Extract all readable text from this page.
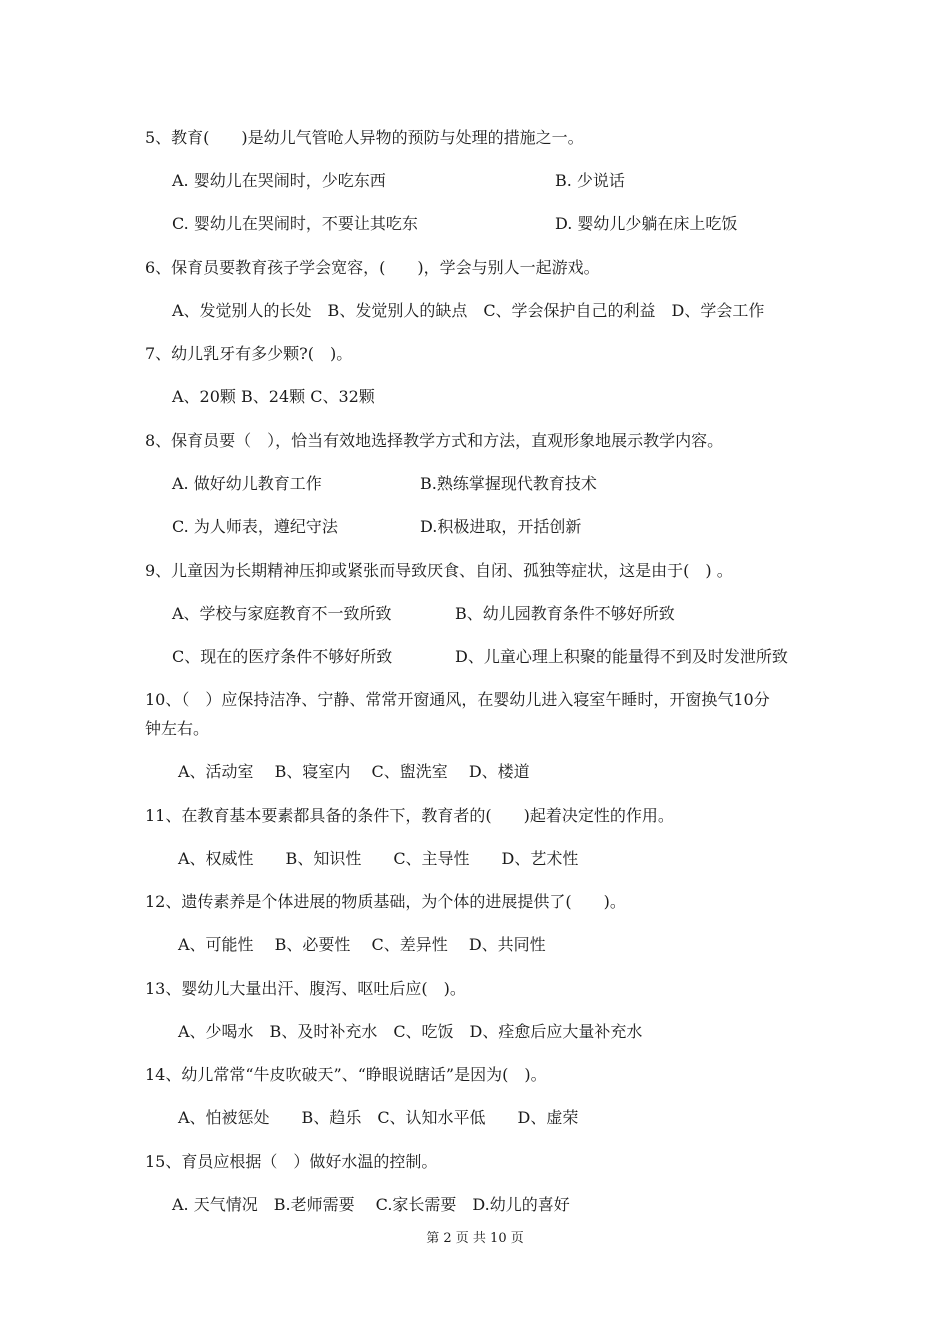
5、教育(　　)是幼儿气管呛人异物的预防与处理的措施之一。
A. 婴幼儿在哭闹时，少吃东西	B. 少说话
C. 婴幼儿在哭闹时，不要让其吃东	D. 婴幼儿少躺在床上吃饭
6、保育员要教育孩子学会宽容，(　　)，学会与别人一起游戏。
A、发觉别人的长处　B、发觉别人的缺点　C、学会保护自己的利益　D、学会工作
7、幼儿乳牙有多少颗?(　)。
A、20颗 B、24颗 C、32颗
8、保育员要（　），恰当有效地选择教学方式和方法，直观形象地展示教学内容。
A. 做好幼儿教育工作	B.熟练掌握现代教育技术
C. 为人师表，遵纪守法	D.积极进取，开括创新
9、儿童因为长期精神压抑或紧张而导致厌食、自闭、孤独等症状，这是由于(　) 。
A、学校与家庭教育不一致所致	B、幼儿园教育条件不够好所致
C、现在的医疗条件不够好所致	D、儿童心理上积聚的能量得不到及时发泄所致
10、（　）应保持洁净、宁静、常常开窗通风，在婴幼儿进入寝室午睡时，开窗换气10分
钟左右。
A、活动室　 B、寝室内　 C、盥洗室　 D、楼道
11、在教育基本要素都具备的条件下，教育者的(　　)起着决定性的作用。
A、权威性　　B、知识性　　C、主导性　　D、艺术性
12、遗传素养是个体进展的物质基础，为个体的进展提供了(　　)。
A、可能性　 B、必要性　 C、差异性　 D、共同性
13、婴幼儿大量出汗、腹泻、呕吐后应(　)。
A、少喝水　B、及时补充水　C、吃饭　D、痊愈后应大量补充水
14、幼儿常常“牛皮吹破天”、“睁眼说瞎话”是因为(　)。
A、怕被惩处　　B、趋乐　C、认知水平低　　D、虚荣
15、育员应根据（　）做好水温的控制。
A. 天气情况　B.老师需要　 C.家长需要　D.幼儿的喜好
第 2 页 共 10 页
